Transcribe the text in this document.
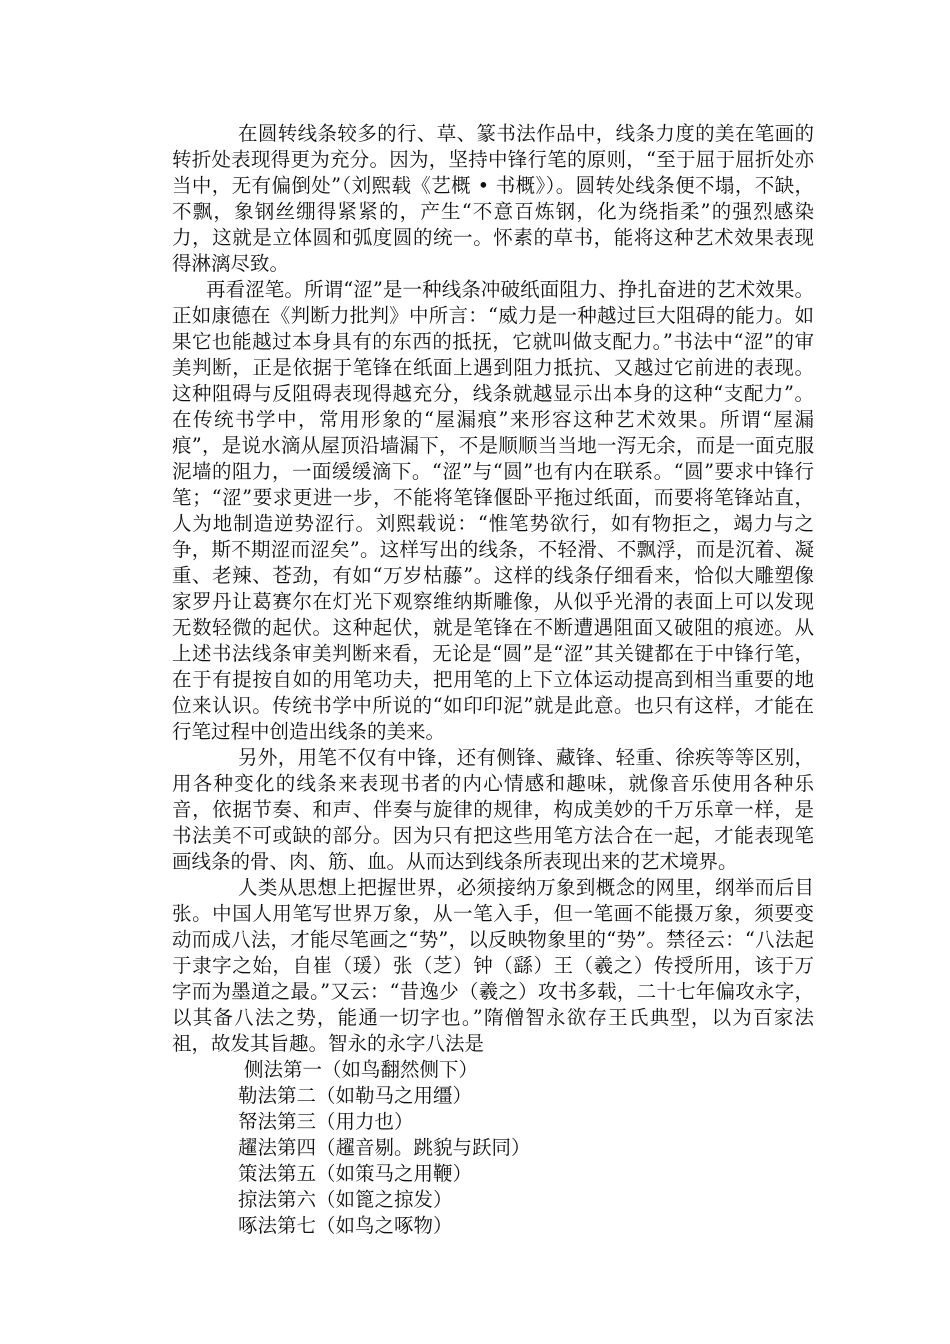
在圆转线条较多的行、草、篆书法作品中，线条力度的美在笔画的转折处表现得更为充分。因为，坚持中锋行笔的原则，“至于屈于屈折处亦当中，无有偏倒处”（刘熙载《艺概 • 书概》）。圆转处线条便不塌，不缺，不飘，象钢丝绷得紧紧的，产生“不意百炼钢，化为绕指柔”的强烈感染力，这就是立体圆和弧度圆的统一。怀素的草书，能将这种艺术效果表现得淋漓尽致。

再看涩笔。所谓“涩”是一种线条冲破纸面阻力、挣扎奋进的艺术效果。正如康德在《判断力批判》中所言：“威力是一种越过巨大阻碍的能力。如果它也能越过本身具有的东西的抵抚，它就叫做支配力。”书法中“涩”的审美判断，正是依据于笔锋在纸面上遇到阻力抵抗、又越过它前进的表现。这种阻碍与反阻碍表现得越充分，线条就越显示出本身的这种“支配力”。在传统书学中，常用形象的“屋漏痕”来形容这种艺术效果。所谓“屋漏痕”，是说水滴从屋顶沿墙漏下，不是顺顺当当地一泻无余，而是一面克服泥墙的阻力，一面缓缓滴下。“涩”与“圆”也有内在联系。“圆”要求中锋行笔；“涩”要求更进一步，不能将笔锋偃卧平拖过纸面，而要将笔锋站直，人为地制造逆势涩行。刘熙载说：“惟笔势欲行，如有物拒之，竭力与之争，斯不期涩而涩矣”。这样写出的线条，不轻滑、不飘浮，而是沉着、凝重、老辣、苍劲，有如“万岁枯藤”。这样的线条仔细看来，恰似大雕塑像家罗丹让葛赛尔在灯光下观察维纳斯雕像，从似乎光滑的表面上可以发现无数轻微的起伏。这种起伏，就是笔锋在不断遭遇阻面又破阻的痕迹。从上述书法线条审美判断来看，无论是“圆”是“涩”其关键都在于中锋行笔，在于有提按自如的用笔功夫，把用笔的上下立体运动提高到相当重要的地位来认识。传统书学中所说的“如印印泥”就是此意。也只有这样，才能在行笔过程中创造出线条的美来。

另外，用笔不仅有中锋，还有侧锋、藏锋、轻重、徐疾等等区别，用各种变化的线条来表现书者的内心情感和趣味，就像音乐使用各种乐音，依据节奏、和声、伴奏与旋律的规律，构成美妙的千万乐章一样，是书法美不可或缺的部分。因为只有把这些用笔方法合在一起，才能表现笔画线条的骨、肉、筋、血。从而达到线条所表现出来的艺术境界。

人类从思想上把握世界，必须接纳万象到概念的网里，纲举而后目张。中国人用笔写世界万象，从一笔入手，但一笔画不能摄万象，须要变动而成八法，才能尽笔画之“势”，以反映物象里的“势”。禁径云：“八法起于隶字之始，自崔（瑗）张（芝）钟（繇）王（羲之）传授所用，该于万字而为墨道之最。”又云：“昔逸少（羲之）攻书多载，二十七年偏攻永字，以其备八法之势，能通一切字也。”隋僧智永欲存王氏典型，以为百家法祖，故发其旨趣。智永的永字八法是

侧法第一（如鸟翻然侧下）
勒法第二（如勒马之用缰）
帑法第三（用力也）
趯法第四（趯音剔。跳貌与跃同）
策法第五（如策马之用鞭）
掠法第六（如篦之掠发）
啄法第七（如鸟之啄物）
